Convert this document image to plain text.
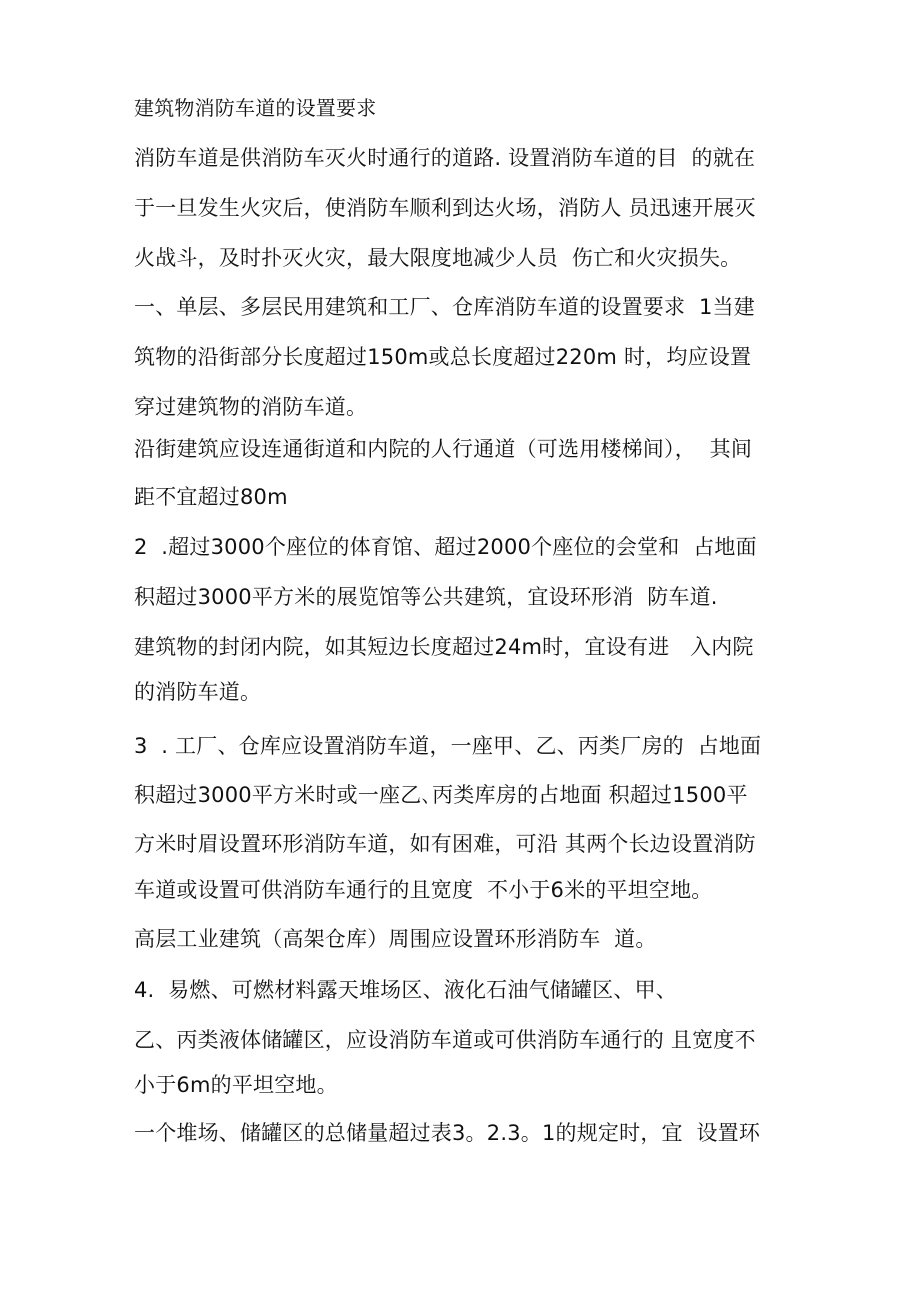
建筑物消防车道的设置要求
消防车道是供消防车灭火时通行的道路. 设置消防车道的目  的就在
于一旦发生火灾后，使消防车顺利到达火场，消防人 员迅速开展灭
火战斗，及时扑灭火灾，最大限度地减少人员  伤亡和火灾损失。
一、单层、多层民用建筑和工厂、仓库消防车道的设置要求  1当建
筑物的沿街部分长度超过150m或总长度超过220m 时，均应设置
穿过建筑物的消防车道。
沿街建筑应设连通街道和内院的人行通道（可选用楼梯间），  其间
距不宜超过80m
2  .超过3000个座位的体育馆、超过2000个座位的会堂和  占地面
积超过3000平方米的展览馆等公共建筑，宜设环形消  防车道.
建筑物的封闭内院，如其短边长度超过24m时，宜设有进   入内院
的消防车道。
3  . 工厂、仓库应设置消防车道，一座甲、乙、丙类厂房的  占地面
积超过3000平方米时或一座乙､丙类库房的占地面 积超过1500平
方米时眉设置环形消防车道，如有困难，可沿 其两个长边设置消防
车道或设置可供消防车通行的且宽度  不小于6米的平坦空地。
高层工业建筑（高架仓库）周围应设置环形消防车  道。
4.  易燃、可燃材料露天堆场区、液化石油气储罐区、甲、
乙、丙类液体储罐区，应设消防车道或可供消防车通行的 且宽度不
小于6m的平坦空地。
一个堆场、储罐区的总储量超过表3。2.3。1的规定时，宜  设置环
